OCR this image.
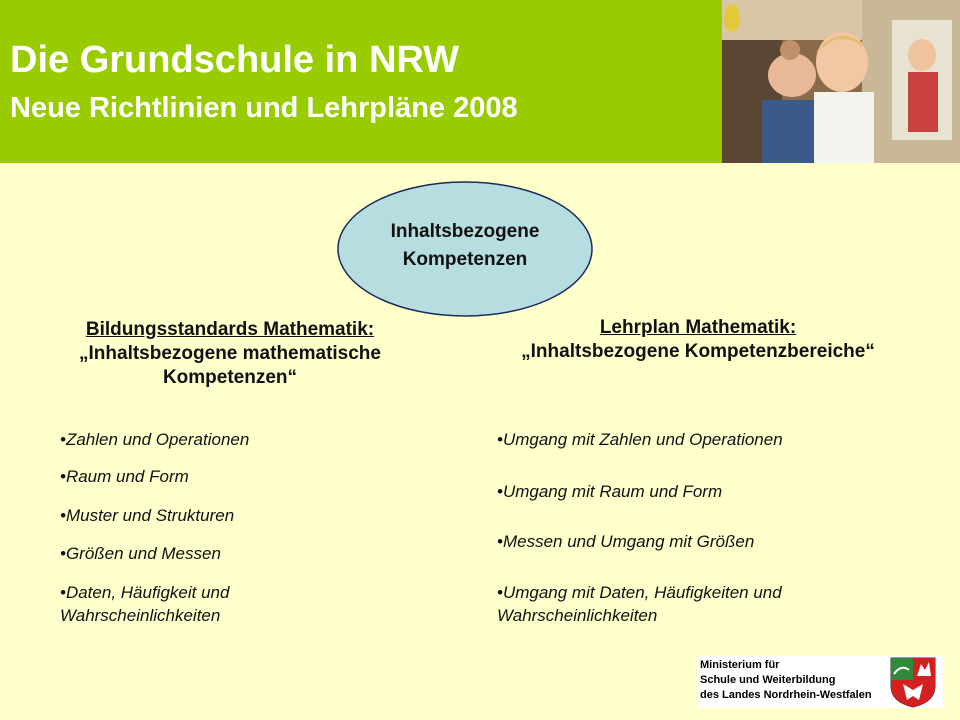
Die Grundschule in NRW
Neue Richtlinien und Lehrpläne 2008
Inhaltsbezogene
Kompetenzen
Bildungsstandards Mathematik:
„Inhaltsbezogene mathematische
Kompetenzen“
Lehrplan Mathematik:
„Inhaltsbezogene Kompetenzbereiche“
•Zahlen und Operationen
•Raum und Form
•Muster und Strukturen
•Größen und Messen
•Daten, Häufigkeit und Wahrscheinlichkeiten
•Umgang mit Zahlen und Operationen
•Umgang mit Raum und Form
•Messen und Umgang mit Größen
•Umgang mit Daten, Häufigkeiten und Wahrscheinlichkeiten
Ministerium für
Schule und Weiterbildung
des Landes Nordrhein-Westfalen
